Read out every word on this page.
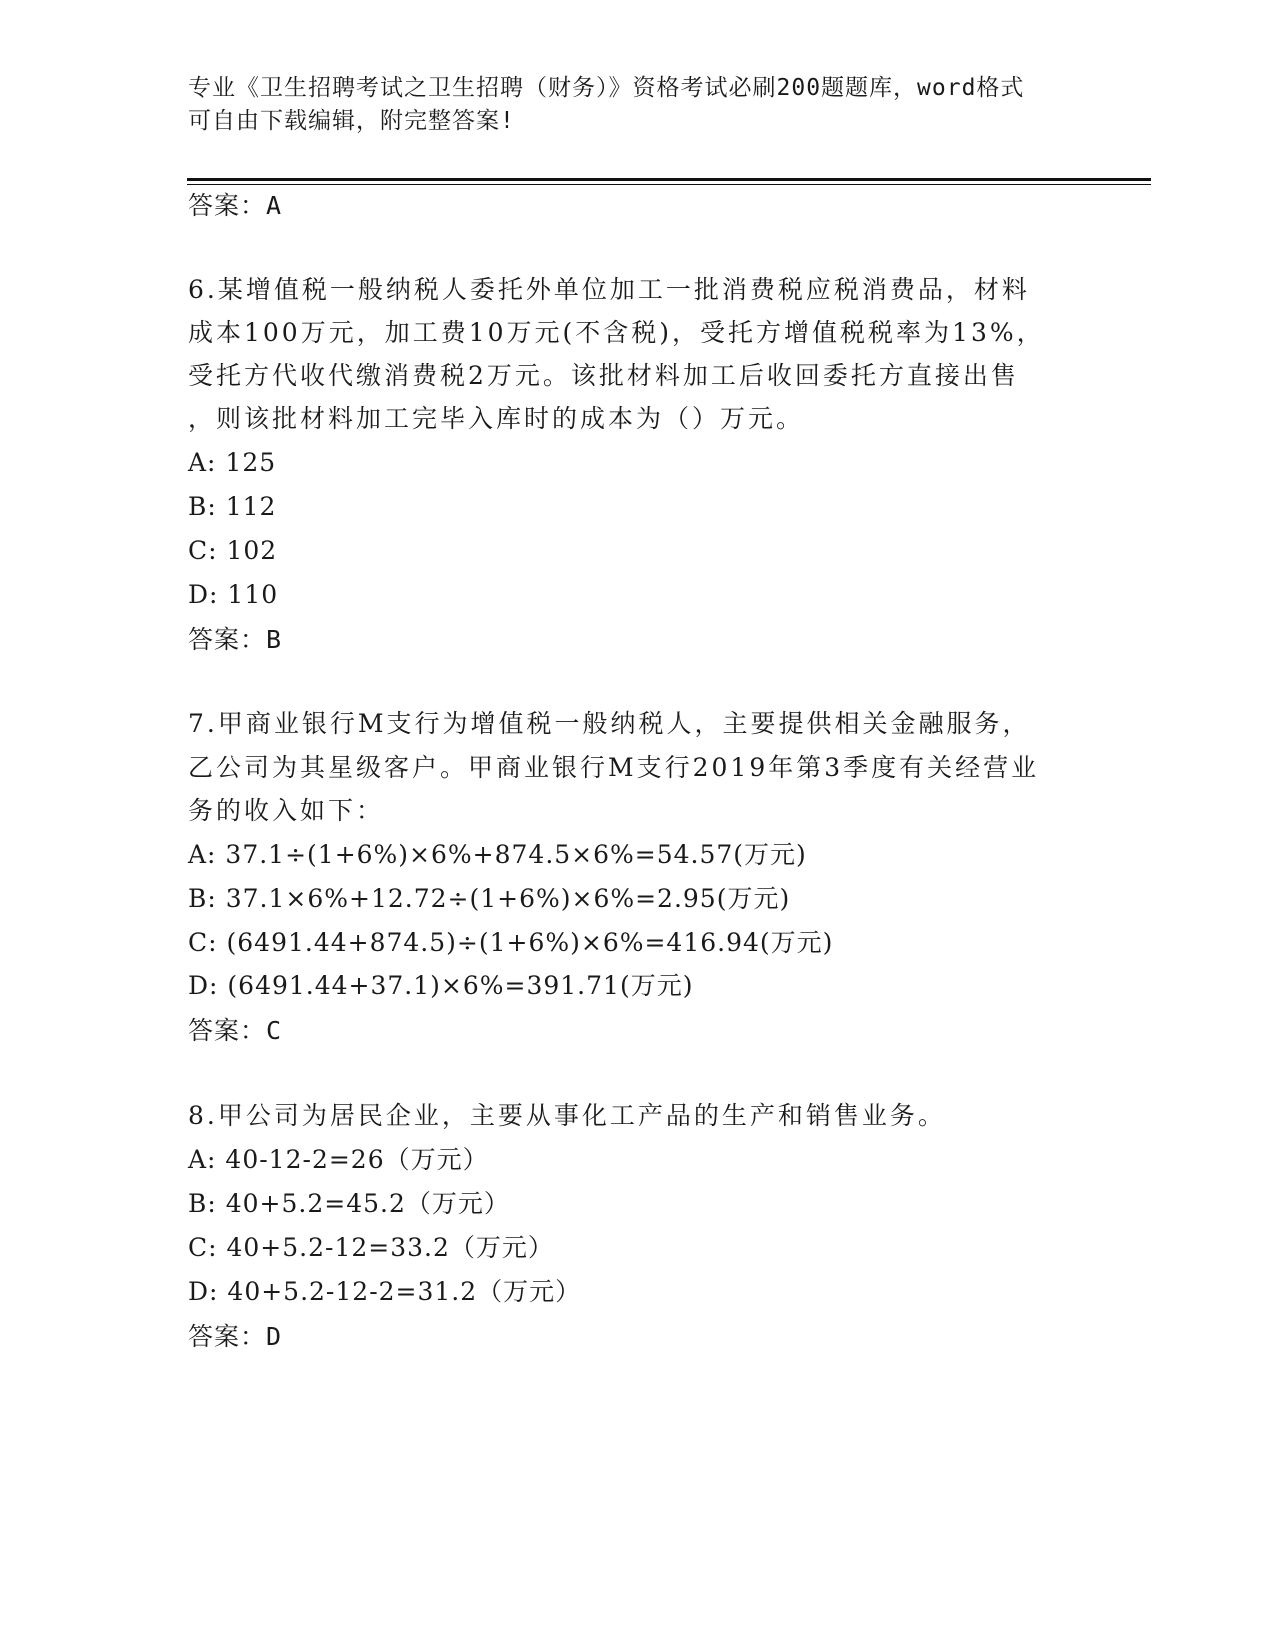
专业《卫生招聘考试之卫生招聘（财务）》资格考试必刷200题题库，word格式
可自由下载编辑，附完整答案!
答案：A
6.某增值税一般纳税人委托外单位加工一批消费税应税消费品，材料
成本100万元，加工费10万元(不含税)，受托方增值税税率为13%，
受托方代收代缴消费税2万元。该批材料加工后收回委托方直接出售
，则该批材料加工完毕入库时的成本为（）万元。
A: 125
B: 112
C: 102
D: 110
答案：B
7.甲商业银行M支行为增值税一般纳税人，主要提供相关金融服务，
乙公司为其星级客户。甲商业银行M支行2019年第3季度有关经营业
务的收入如下：
A: 37.1÷(1+6%)×6%+874.5×6%=54.57(万元)
B: 37.1×6%+12.72÷(1+6%)×6%=2.95(万元)
C: (6491.44+874.5)÷(1+6%)×6%=416.94(万元)
D: (6491.44+37.1)×6%=391.71(万元)
答案：C
8.甲公司为居民企业，主要从事化工产品的生产和销售业务。
A: 40-12-2=26（万元）
B: 40+5.2=45.2（万元）
C: 40+5.2-12=33.2（万元）
D: 40+5.2-12-2=31.2（万元）
答案：D
